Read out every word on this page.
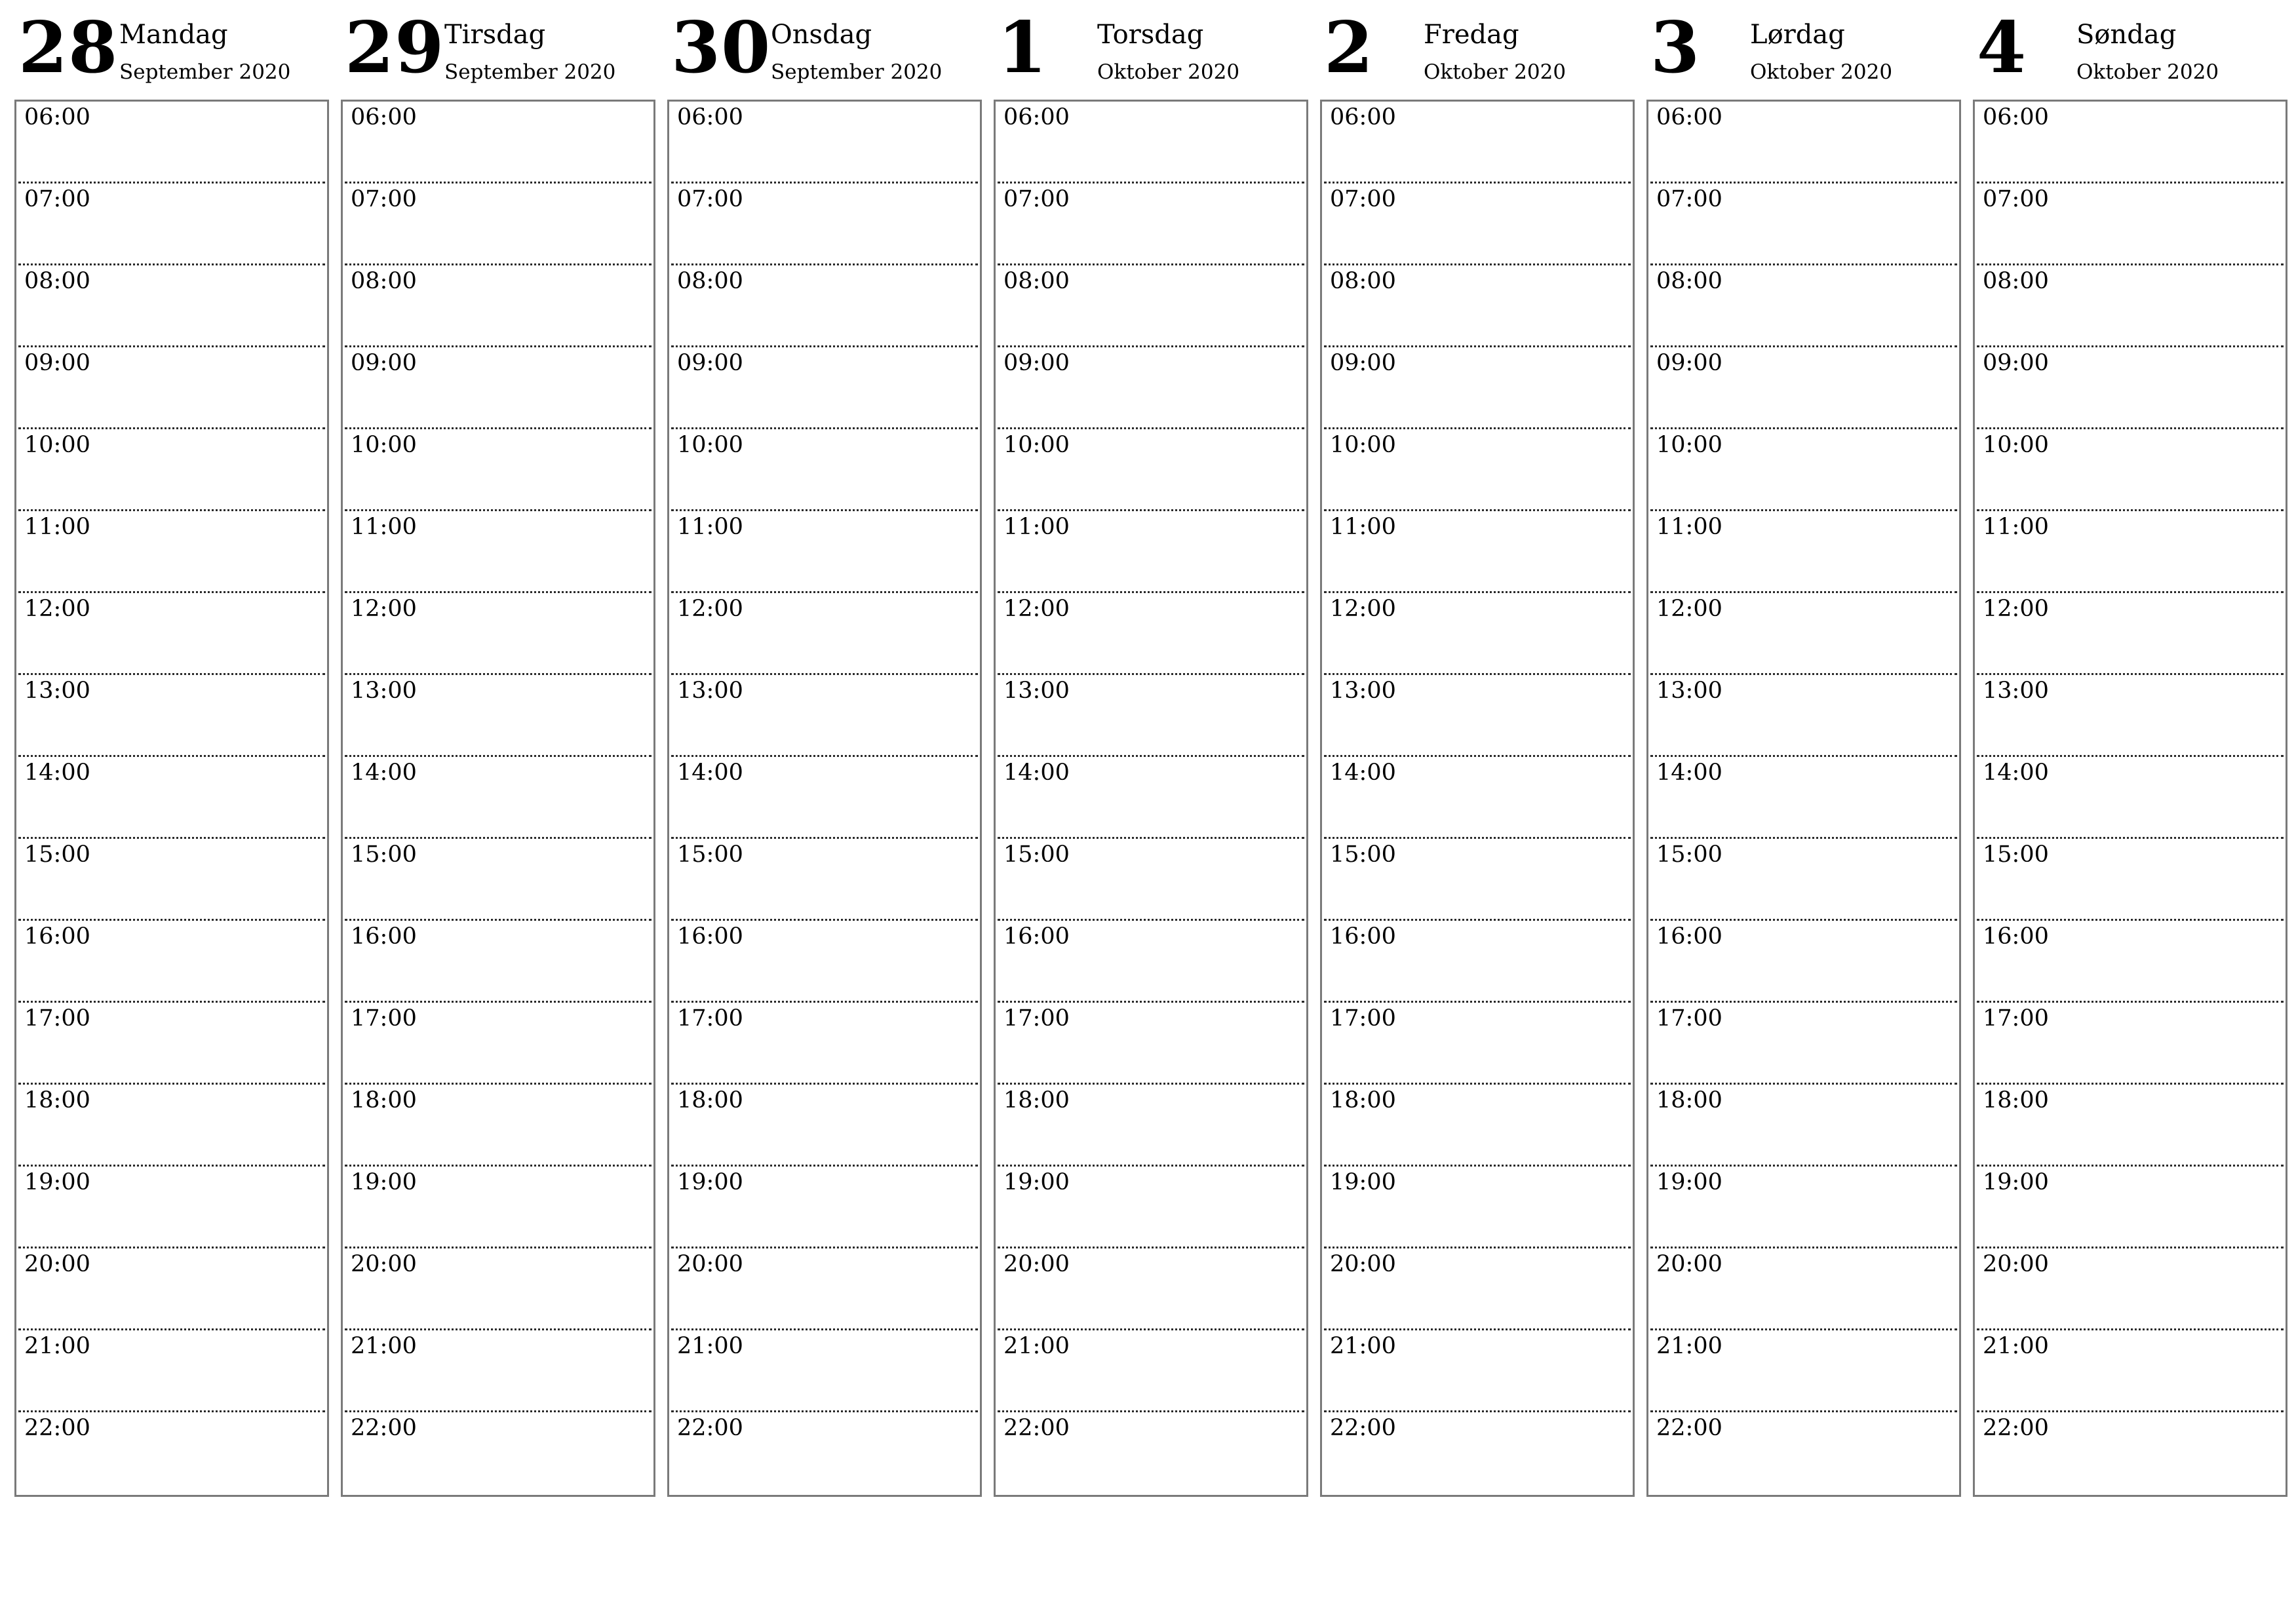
28 Mandag
September 2020
06:00
07:00
08:00
09:00
10:00
11:00
12:00
13:00
14:00
15:00
16:00
17:00
18:00
19:00
20:00
21:00
22:00
29 Tirsdag
September 2020
06:00
07:00
08:00
09:00
10:00
11:00
12:00
13:00
14:00
15:00
16:00
17:00
18:00
19:00
20:00
21:00
22:00
30 Onsdag
September 2020
06:00
07:00
08:00
09:00
10:00
11:00
12:00
13:00
14:00
15:00
16:00
17:00
18:00
19:00
20:00
21:00
22:00
1 Torsdag
Oktober 2020
06:00
07:00
08:00
09:00
10:00
11:00
12:00
13:00
14:00
15:00
16:00
17:00
18:00
19:00
20:00
21:00
22:00
2 Fredag
Oktober 2020
06:00
07:00
08:00
09:00
10:00
11:00
12:00
13:00
14:00
15:00
16:00
17:00
18:00
19:00
20:00
21:00
22:00
3 Lørdag
Oktober 2020
06:00
07:00
08:00
09:00
10:00
11:00
12:00
13:00
14:00
15:00
16:00
17:00
18:00
19:00
20:00
21:00
22:00
4 Søndag
Oktober 2020
06:00
07:00
08:00
09:00
10:00
11:00
12:00
13:00
14:00
15:00
16:00
17:00
18:00
19:00
20:00
21:00
22:00
